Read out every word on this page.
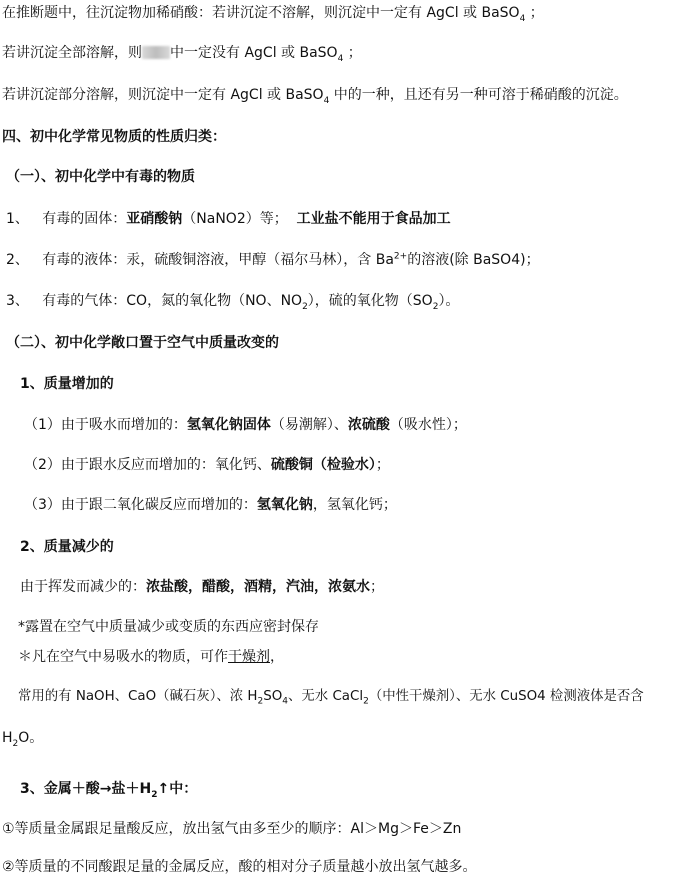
在推断题中，往沉淀物加稀硝酸：若讲沉淀不溶解，则沉淀中一定有 AgCl 或 BaSO$_4$ ；
若讲沉淀全部溶解，则 中一定没有 AgCl 或 BaSO$_4$ ；
若讲沉淀部分溶解，则沉淀中一定有 AgCl 或 BaSO$_4$ 中的一种，且还有另一种可溶于稀硝酸的沉淀。
四、初中化学常见物质的性质归类：
（一）、初中化学中有毒的物质
1、 有毒的固体：亚硝酸钠（NaNO2）等； 工业盐不能用于食品加工
2、 有毒的液体：汞，硫酸铜溶液，甲醇（福尔马林），含 $Ba^{2+}$的溶液(除 BaSO4)；
3、 有毒的气体：CO，氮的氧化物（NO、$NO_2$），硫的氧化物$(SO_2)$。
（二）、初中化学敞口置于空气中质量改变的
1、质量增加的
（1）由于吸水而增加的：氢氧化钠固体（易潮解）、浓硫酸（吸水性）；
（2）由于跟水反应而增加的：氧化钙、硫酸铜（检验水）；
（3）由于跟二氧化碳反应而增加的：氢氧化钠，氢氧化钙；
2、质量减少的
由于挥发而减少的：浓盐酸，醋酸，酒精，汽油，浓氨水；
*露置在空气中质量减少或变质的东西应密封保存
＊凡在空气中易吸水的物质，可作干燥剂，
常用的有 NaOH、CaO（碱石灰）、浓 $H_2SO_4$、无水 CaCl$_2$（中性干燥剂）、无水 CuSO4 检测液体是否含
$H_2O$。
3、金属＋酸→盐$+H_2↑$中：
①等质量金属跟足量酸反应，放出氢气由多至少的顺序：Al＞Mg＞Fe＞Zn
②等质量的不同酸跟足量的金属反应，酸的相对分子质量越小放出氢气越多。
